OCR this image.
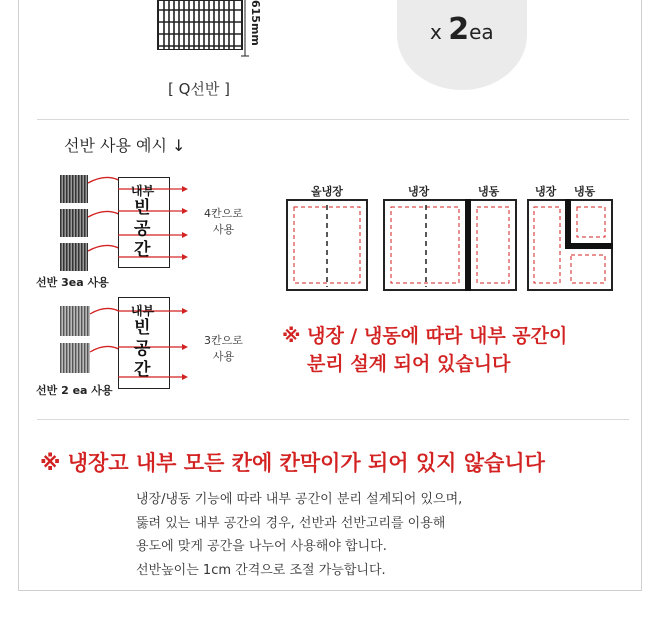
615mm
[ Q선반 ]
x 2ea
선반 사용 예시 ↓
내부
빈
공
간
4칸으로
사용
선반 3ea 사용
내부
빈
공
간
3칸으로
사용
선반 2 ea 사용
올냉장	냉장	냉동	냉장 냉동
※ 냉장 / 냉동에 따라 내부 공간이
분리 설계 되어 있습니다
※ 냉장고 내부 모든 칸에 칸막이가 되어 있지 않습니다
냉장/냉동 기능에 따라 내부 공간이 분리 설계되어 있으며,
뚫려 있는 내부 공간의 경우, 선반과 선반고리를 이용해
용도에 맞게 공간을 나누어 사용해야 합니다.
선반높이는 1cm 간격으로 조절 가능합니다.
